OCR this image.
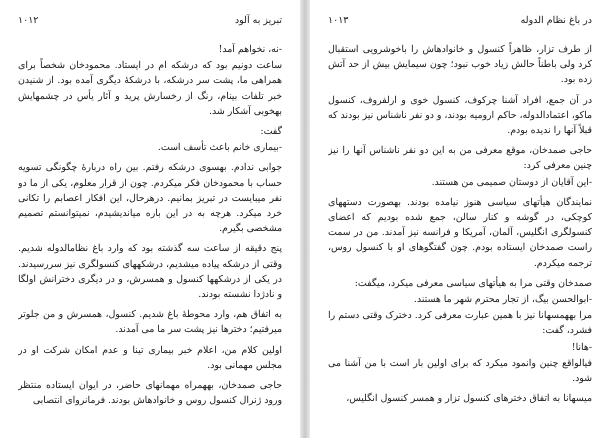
تبریز به آلود
۱۰۱۲

-نه، نخواهم آمد!

ساعت دونیم بود که درشکه ام در ایستاد. محمودخان شخصاً برای همراهی ما، پشت سر درشکه، با درشکهٔ دیگری آمده بود. از شنیدن خبر تلفات بینام، رنگ از رخسارش پرید و آثار یأس در چشمهایش بهخوبی آشکار شد.

گفت:

-بیماری خانم باعث تأسف است.

جوابی ندادم. بهسوی درشکه رفتم. بین راه دربارهٔ چگونگی تسویه حساب با محمودخان فکر میکردم. چون از قرار معلوم، یکی از ما دو نفر میبایست در تبریز بمانیم. درهرحال، این افکار اعصابم را تکانی خرد میکرد. هرچه به در این باره میاندیشیدم، نمیتوانستم تصمیم مشخصی بگیرم.

پنج دقیقه از ساعت سه گذشته بود که وارد باغ نظامالدوله شدیم. وقتی از درشکه پیاده میشدیم، درشکههای کنسولگری نیز سررسیدند. در یکی از درشکهها کنسول و همسرش، و در دیگری دخترانش اولگا و نادژدا نشسته بودند.

به اتفاق هم، وارد محوطهٔ باغ شدیم. کنسول، همسرش و من جلوتر میرفتیم؛ دخترها نیز پشت سر ما می آمدند.

اولین کلام من، اعلام خبر بیماری تینا و عدم امکان شرکت او در مجلس مهمانی بود.

حاجی صمدخان، بههمراه مهمانهای حاضر، در ایوان ایستاده منتظر ورود ژنرال کنسول روس و خانوادهاش بودند. فرمانروای انتصابی

در باغ نظام الدوله
۱۰۱۳

از طرف تزار، ظاهراً کنسول و خانوادهاش را باخوشرویی استقبال کرد ولی باطناً حالش زیاد خوب نبود؛ چون سیمایش بیش از حد آتش زده بود.

در آن جمع، افراد آشنا چرکوف، کنسول خوی و ارلفروف، کنسول ماکو، اعتمادالدوله، حاکم ارومیه بودند، و دو نفر ناشناس نیز بودند که قبلاً آنها را ندیده بودم.

حاجی صمدخان، موقع معرفی من به این دو نفر ناشناس آنها را نیز چنین معرفی کرد:

-این آقایان از دوستان صمیمی من هستند.

نمایندگان هیأتهای سیاسی هنوز نیامده بودند. بهصورت دستههای کوچکی، در گوشه و کنار سالن، جمع شده بودیم که اعضای کنسولگری انگلیس، آلمان، آمریکا و فرانسه نیز آمدند. من در سمت راست صمدخان ایستاده بودم. چون گفتگوهای او با کنسول روس، ترجمه میکردم.

صمدخان وقتی مرا به هیأتهای سیاسی معرفی میکرد، میگفت:

-ابوالحسن بیگ، از تجار محترم شهر ما هستند.

مرا بههمسهانا نیز با همین عبارت معرفی کرد. دخترک وقتی دستم را فشرد، گفت:

-هانا!

فیالواقع چنین وانمود میکرد که برای اولین بار است با من آشنا می شود.

میسهانا به اتفاق دخترهای کنسول تزار و همسر کنسول انگلیس،
